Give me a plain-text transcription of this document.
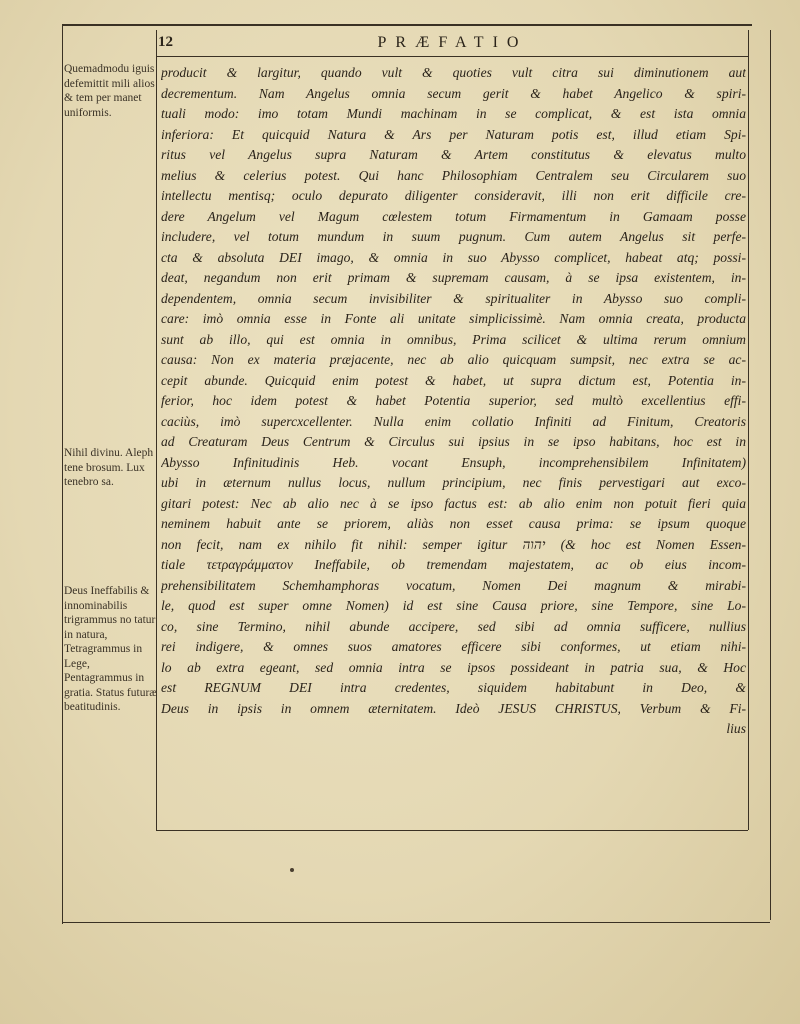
12	PRÆFATIO
Quemadmodu iguis defemittit mili alios & tem per manet uniformis.
Nihil divinu. Aleph tene brosum. Lux tenebro sa.
Deus Ineffabilis & innominabilis trigrammus no tatur in natura, Tetragrammus in Lege, Pentagrammus in gratia. Status futuræ beatitudinis.
producit & largitur, quando vult & quoties vult citra sui diminutionem aut
decrementum. Nam Angelus omnia secum gerit & habet Angelico & spiri-
tuali modo: imo totam Mundi machinam in se complicat, & est ista omnia
inferiora: Et quicquid Natura & Ars per Naturam potis est, illud etiam Spi-
ritus vel Angelus supra Naturam & Artem constitutus & elevatus multo
melius & celerius potest. Qui hanc Philosophiam Centralem seu Circularem suo
intellectu mentisq; oculo depurato diligenter consideravit, illi non erit difficile cre-
dere Angelum vel Magum cœlestem totum Firmamentum in Gamaam posse
includere, vel totum mundum in suum pugnum. Cum autem Angelus sit perfe-
cta & absoluta DEI imago, & omnia in suo Abysso complicet, habeat atq; possi-
deat, negandum non erit primam & supremam causam, à se ipsa existentem, in-
dependentem, omnia secum invisibiliter & spiritualiter in Abysso suo compli-
care: imò omnia esse in Fonte ali unitate simplicissimè. Nam omnia creata, producta
sunt ab illo, qui est omnia in omnibus, Prima scilicet & ultima rerum omnium
causa: Non ex materia præjacente, nec ab alio quicquam sumpsit, nec extra se ac-
cepit abunde. Quicquid enim potest & habet, ut supra dictum est, Potentia in-
ferior, hoc idem potest & habet Potentia superior, sed multò excellentius effi-
caciùs, imò supercxcellenter. Nulla enim collatio Infiniti ad Finitum, Creatoris
ad Creaturam Deus Centrum & Circulus sui ipsius in se ipso habitans, hoc est in
Abysso Infinitudinis Heb. vocant Ensuph, incomprehensibilem Infinitatem)
ubi in æternum nullus locus, nullum principium, nec finis pervestigari aut exco-
gitari potest: Nec ab alio nec à se ipso factus est: ab alio enim non potuit fieri quia
neminem habuit ante se priorem, aliàs non esset causa prima: se ipsum quoque
non fecit, nam ex nihilo fit nihil: semper igitur יהוה (& hoc est Nomen Essen-
tiale τετραγράμματον Ineffabile, ob tremendam majestatem, ac ob eius incom-
prehensibilitatem Schemhamphoras vocatum, Nomen Dei magnum & mirabi-
le, quod est super omne Nomen) id est sine Causa priore, sine Tempore, sine Lo-
co, sine Termino, nihil abunde accipere, sed sibi ad omnia sufficere, nullius
rei indigere, & omnes suos amatores efficere sibi conformes, ut etiam nihi-
lo ab extra egeant, sed omnia intra se ipsos possideant in patria sua, & Hoc
est REGNUM DEI intra credentes, siquidem habitabunt in Deo, &
Deus in ipsis in omnem æternitatem. Ideò JESUS CHRISTUS, Verbum & Fi-
lius
